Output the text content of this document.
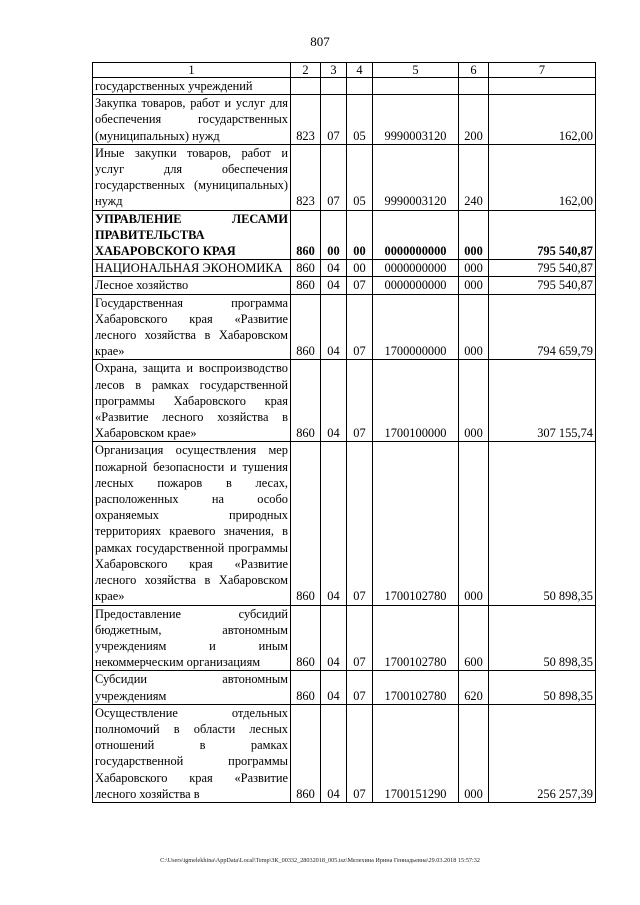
807
1	2	3	4	5	6	7
государственных учреждений						
Закупка товаров, работ и услуг для обеспечения государственных (муниципальных) нужд	823	07	05	9990003120	200	162,00
Иные закупки товаров, работ и услуг для обеспечения государственных (муниципальных) нужд	823	07	05	9990003120	240	162,00
УПРАВЛЕНИЕ ЛЕСАМИ ПРАВИТЕЛЬСТВА ХАБАРОВСКОГО КРАЯ	860	00	00	0000000000	000	795 540,87
НАЦИОНАЛЬНАЯ ЭКОНОМИКА	860	04	00	0000000000	000	795 540,87
Лесное хозяйство	860	04	07	0000000000	000	795 540,87
Государственная программа Хабаровского края «Развитие лесного хозяйства в Хабаровском крае»	860	04	07	1700000000	000	794 659,79
Охрана, защита и воспроизводство лесов в рамках государственной программы Хабаровского края «Развитие лесного хозяйства в Хабаровском крае»	860	04	07	1700100000	000	307 155,74
Организация осуществления мер пожарной безопасности и тушения лесных пожаров в лесах, расположенных на особо охраняемых природных территориях краевого значения, в рамках государственной программы Хабаровского края «Развитие лесного хозяйства в Хабаровском крае»	860	04	07	1700102780	000	50 898,35
Предоставление субсидий бюджетным, автономным учреждениям и иным некоммерческим организациям	860	04	07	1700102780	600	50 898,35
Субсидии автономным учреждениям	860	04	07	1700102780	620	50 898,35
Осуществление отдельных полномочий в области лесных отношений в рамках государственной программы Хабаровского края «Развитие лесного хозяйства в	860	04	07	1700151290	000	256 257,39
C:\Users\igmelekhina\AppData\Local\Temp\ЗК_00332_28032018_005.tsz\Мелехина Ирина Геннадьевна\29.03.2018 15:57:32
